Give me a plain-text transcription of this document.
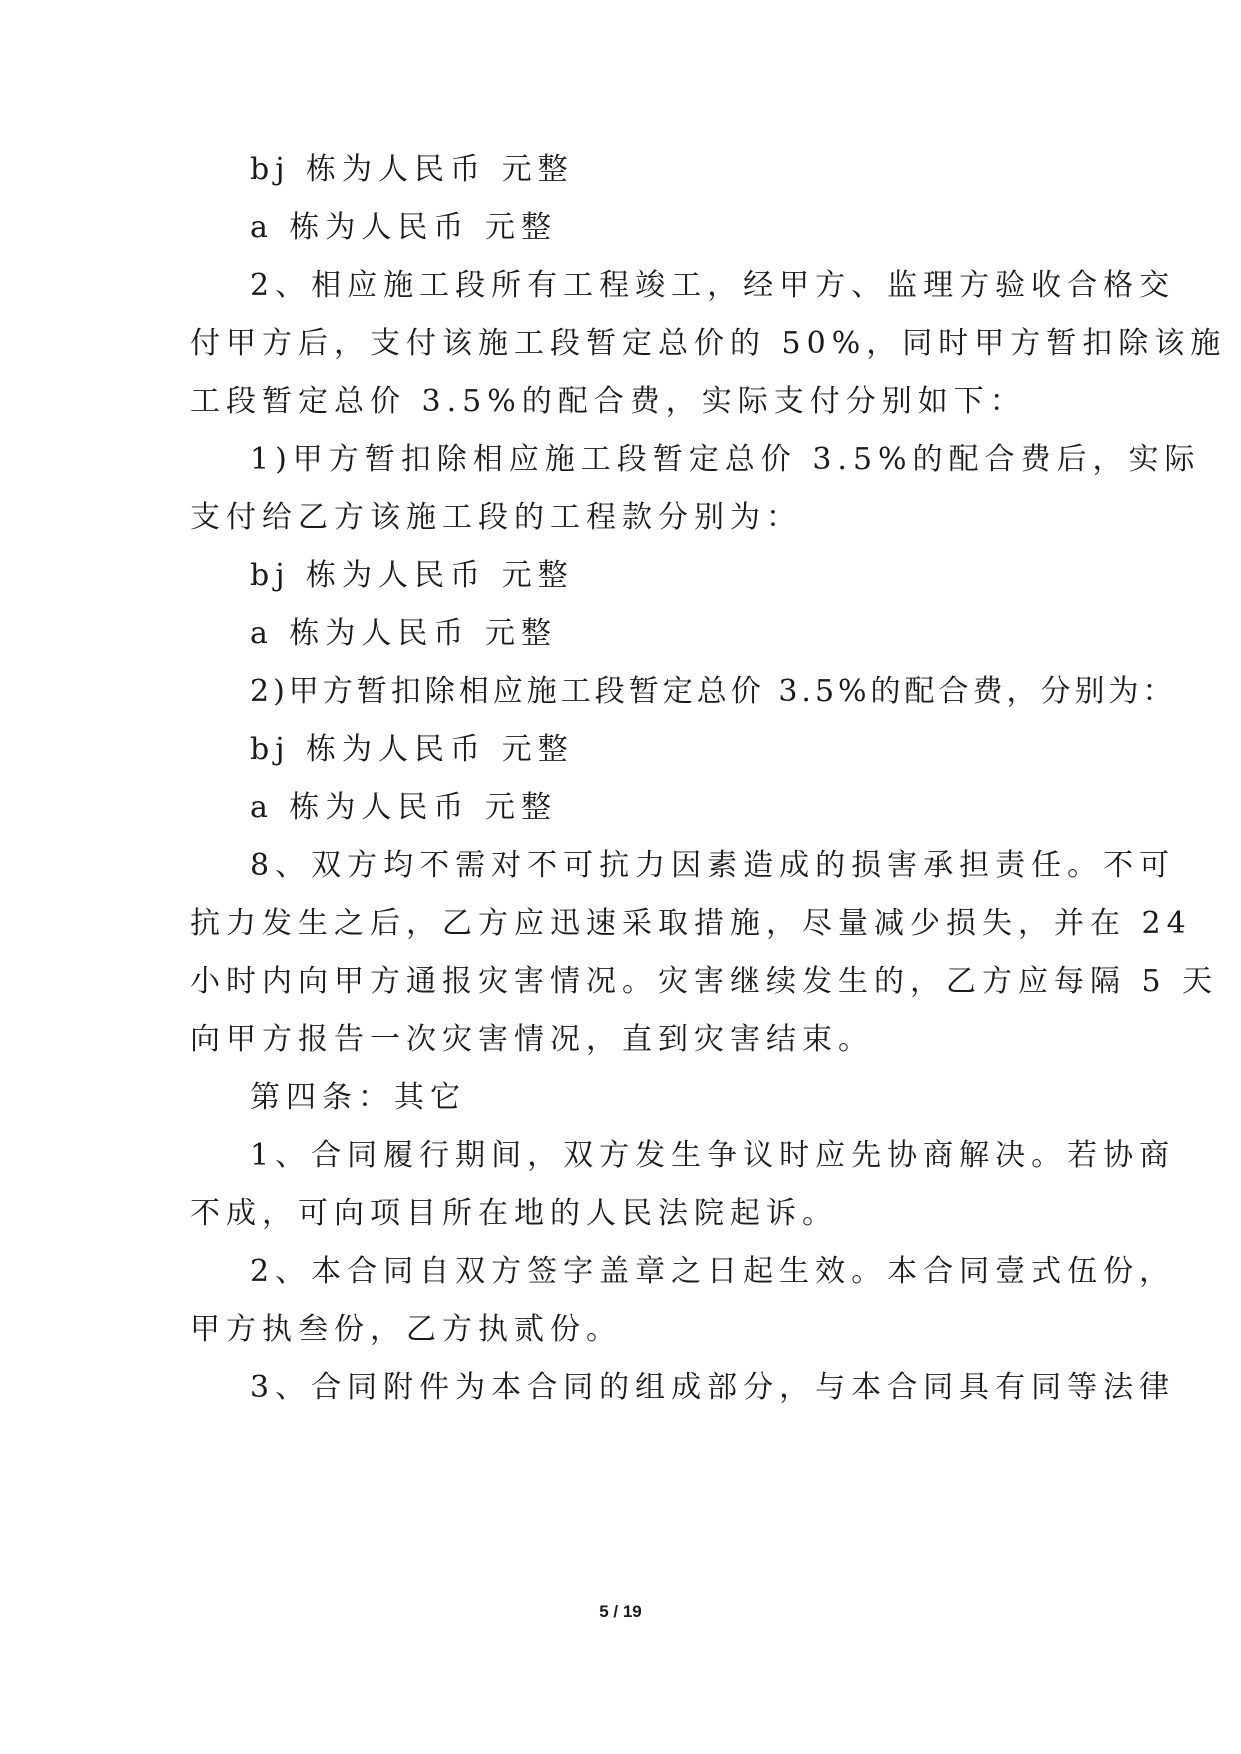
bj 栋为人民币 元整
a 栋为人民币 元整
2、相应施工段所有工程竣工，经甲方、监理方验收合格交
付甲方后，支付该施工段暂定总价的 50%，同时甲方暂扣除该施
工段暂定总价 3.5%的配合费，实际支付分别如下：
1)甲方暂扣除相应施工段暂定总价 3.5%的配合费后，实际
支付给乙方该施工段的工程款分别为：
bj 栋为人民币 元整
a 栋为人民币 元整
2)甲方暂扣除相应施工段暂定总价 3.5%的配合费，分别为：
bj 栋为人民币 元整
a 栋为人民币 元整
8、双方均不需对不可抗力因素造成的损害承担责任。不可
抗力发生之后，乙方应迅速采取措施，尽量减少损失，并在 24
小时内向甲方通报灾害情况。灾害继续发生的，乙方应每隔 5 天
向甲方报告一次灾害情况，直到灾害结束。
第四条：其它
1、合同履行期间，双方发生争议时应先协商解决。若协商
不成，可向项目所在地的人民法院起诉。
2、本合同自双方签字盖章之日起生效。本合同壹式伍份，
甲方执叁份，乙方执贰份。
3、合同附件为本合同的组成部分，与本合同具有同等法律
5 / 19
